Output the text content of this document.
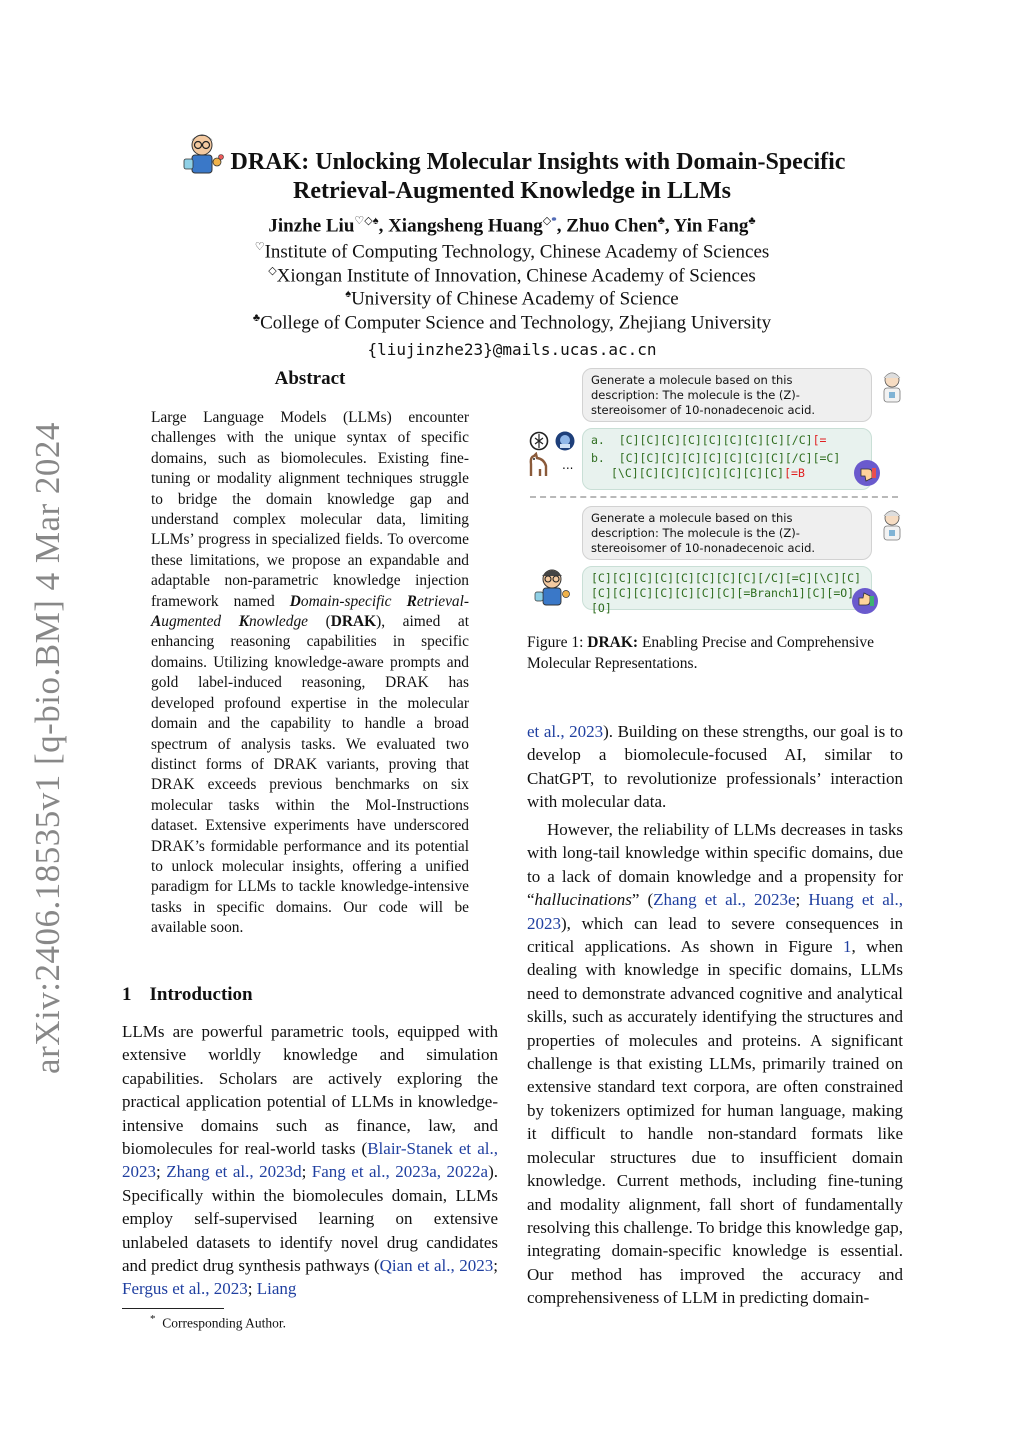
arXiv:2406.18535v1 [q-bio.BM] 4 Mar 2024
DRAK: Unlocking Molecular Insights with Domain-Specific
Retrieval-Augmented Knowledge in LLMs
Jinzhe Liu♡◇♠, Xiangsheng Huang◇*, Zhuo Chen♣, Yin Fang♣
♡Institute of Computing Technology, Chinese Academy of Sciences
◇Xiongan Institute of Innovation, Chinese Academy of Sciences
♠University of Chinese Academy of Science
♣College of Computer Science and Technology, Zhejiang University
{liujinzhe23}@mails.ucas.ac.cn
Abstract
Large Language Models (LLMs) encounter challenges with the unique syntax of specific domains, such as biomolecules. Existing fine-tuning or modality alignment techniques struggle to bridge the domain knowledge gap and understand complex molecular data, limiting LLMs’ progress in specialized fields. To overcome these limitations, we propose an expandable and adaptable non-parametric knowledge injection framework named Domain-specific Retrieval-Augmented Knowledge (DRAK), aimed at enhancing reasoning capabilities in specific domains. Utilizing knowledge-aware prompts and gold label-induced reasoning, DRAK has developed profound expertise in the molecular domain and the capability to handle a broad spectrum of analysis tasks. We evaluated two distinct forms of DRAK variants, proving that DRAK exceeds previous benchmarks on six molecular tasks within the Mol-Instructions dataset. Extensive experiments have underscored DRAK’s formidable performance and its potential to unlock molecular insights, offering a unified paradigm for LLMs to tackle knowledge-intensive tasks in specific domains. Our code will be available soon.
1 Introduction
LLMs are powerful parametric tools, equipped with extensive worldly knowledge and simulation capabilities. Scholars are actively exploring the practical application potential of LLMs in knowledge-intensive domains such as finance, law, and biomolecules for real-world tasks (Blair-Stanek et al., 2023; Zhang et al., 2023d; Fang et al., 2023a, 2022a). Specifically within the biomolecules domain, LLMs employ self-supervised learning on extensive unlabeled datasets to identify novel drug candidates and predict drug synthesis pathways (Qian et al., 2023; Fergus et al., 2023; Liang
* Corresponding Author.
Generate a molecule based on this description: The molecule is the (Z)-stereoisomer of 10-nonadecenoic acid.
...
a. [C][C][C][C][C][C][C][C][/C][=
b. [C][C][C][C][C][C][C][C][/C][=C][\C][C][C][C][C][C][C][C][=B
Generate a molecule based on this description: The molecule is the (Z)-stereoisomer of 10-nonadecenoic acid.
[C][C][C][C][C][C][C][C][/C][=C][\C][C][C][C][C][C][C][C][C][=Branch1][C][=O][O]
Figure 1: DRAK: Enabling Precise and Comprehensive Molecular Representations.
et al., 2023). Building on these strengths, our goal is to develop a biomolecule-focused AI, similar to ChatGPT, to revolutionize professionals’ interaction with molecular data.
However, the reliability of LLMs decreases in tasks with long-tail knowledge within specific domains, due to a lack of domain knowledge and a propensity for “hallucinations” (Zhang et al., 2023e; Huang et al., 2023), which can lead to severe consequences in critical applications. As shown in Figure 1, when dealing with knowledge in specific domains, LLMs need to demonstrate advanced cognitive and analytical skills, such as accurately identifying the structures and properties of molecules and proteins. A significant challenge is that existing LLMs, primarily trained on extensive standard text corpora, are often constrained by tokenizers optimized for human language, making it difficult to handle non-standard formats like molecular structures due to insufficient domain knowledge. Current methods, including fine-tuning and modality alignment, fall short of fundamentally resolving this challenge. To bridge this knowledge gap, integrating domain-specific knowledge is essential. Our method has improved the accuracy and comprehensiveness of LLM in predicting domain-
